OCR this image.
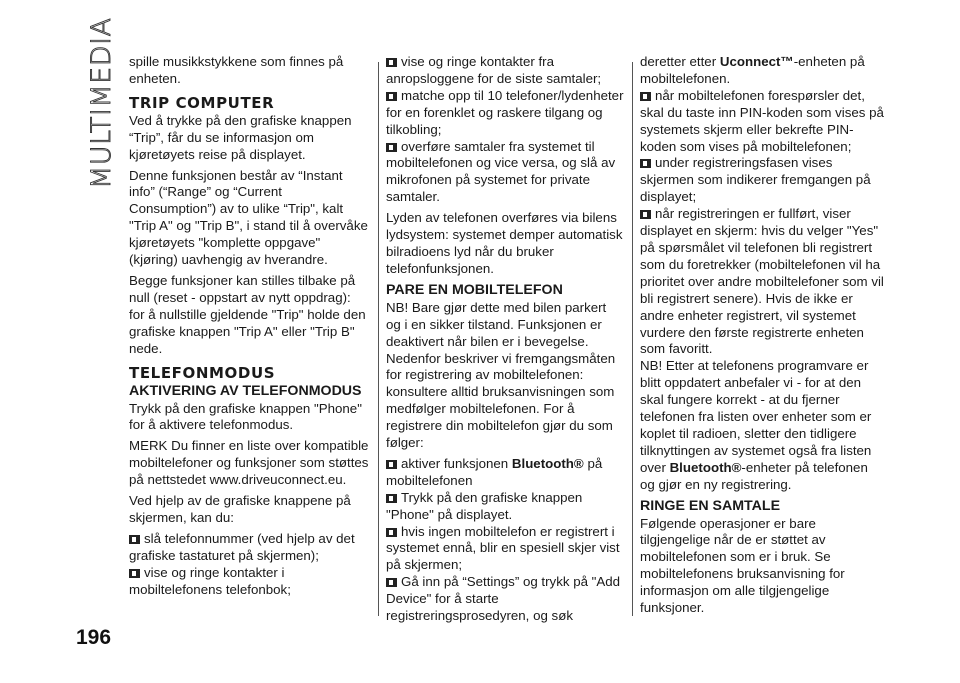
MULTIMEDIA
196

spille musikkstykkene som finnes på enheten.

TRIP COMPUTER

Ved å trykke på den grafiske knappen “Trip”, får du se informasjon om kjøretøyets reise på displayet.

Denne funksjonen består av “Instant info” (“Range” og “Current Consumption”) av to ulike “Trip", kalt "Trip A" og "Trip B", i stand til å overvåke kjøretøyets "komplette oppgave" (kjøring) uavhengig av hverandre.

Begge funksjoner kan stilles tilbake på null (reset - oppstart av nytt oppdrag): for å nullstille gjeldende "Trip" holde den grafiske knappen "Trip A" eller "Trip B" nede.

TELEFONMODUS
AKTIVERING AV TELEFONMODUS

Trykk på den grafiske knappen "Phone" for å aktivere telefonmodus.

MERK Du finner en liste over kompatible mobiltelefoner og funksjoner som støttes på nettstedet www.driveuconnect.eu.

Ved hjelp av de grafiske knappene på skjermen, kan du:

slå telefonnummer (ved hjelp av det grafiske tastaturet på skjermen);

vise og ringe kontakter i mobiltelefonens telefonbok;

vise og ringe kontakter fra anropsloggene for de siste samtaler;

matche opp til 10 telefoner/lydenheter for en forenklet og raskere tilgang og tilkobling;

overføre samtaler fra systemet til mobiltelefonen og vice versa, og slå av mikrofonen på systemet for private samtaler.

Lyden av telefonen overføres via bilens lydsystem: systemet demper automatisk bilradioens lyd når du bruker telefonfunksjonen.

PARE EN MOBILTELEFON

NB! Bare gjør dette med bilen parkert og i en sikker tilstand. Funksjonen er deaktivert når bilen er i bevegelse. Nedenfor beskriver vi fremgangsmåten for registrering av mobiltelefonen: konsultere alltid bruksanvisningen som medfølger mobiltelefonen. For å registrere din mobiltelefon gjør du som følger:

aktiver funksjonen Bluetooth® på mobiltelefonen

Trykk på den grafiske knappen "Phone" på displayet.

hvis ingen mobiltelefon er registrert i systemet ennå, blir en spesiell skjer vist på skjermen;

Gå inn på “Settings” og trykk på "Add Device" for å starte registreringsprosedyren, og søk

deretter etter Uconnect™-enheten på mobiltelefonen.

når mobiltelefonen forespørsler det, skal du taste inn PIN-koden som vises på systemets skjerm eller bekrefte PIN-koden som vises på mobiltelefonen;

under registreringsfasen vises skjermen som indikerer fremgangen på displayet;

når registreringen er fullført, viser displayet en skjerm: hvis du velger "Yes" på spørsmålet vil telefonen bli registrert som du foretrekker (mobiltelefonen vil ha prioritet over andre mobiltelefoner som vil bli registrert senere). Hvis de ikke er andre enheter registrert, vil systemet vurdere den første registrerte enheten som favoritt.

NB! Etter at telefonens programvare er blitt oppdatert anbefaler vi - for at den skal fungere korrekt - at du fjerner telefonen fra listen over enheter som er koplet til radioen, sletter den tidligere tilknyttingen av systemet også fra listen over Bluetooth®-enheter på telefonen og gjør en ny registrering.

RINGE EN SAMTALE

Følgende operasjoner er bare tilgjengelige når de er støttet av mobiltelefonen som er i bruk. Se mobiltelefonens bruksanvisning for informasjon om alle tilgjengelige funksjoner.
